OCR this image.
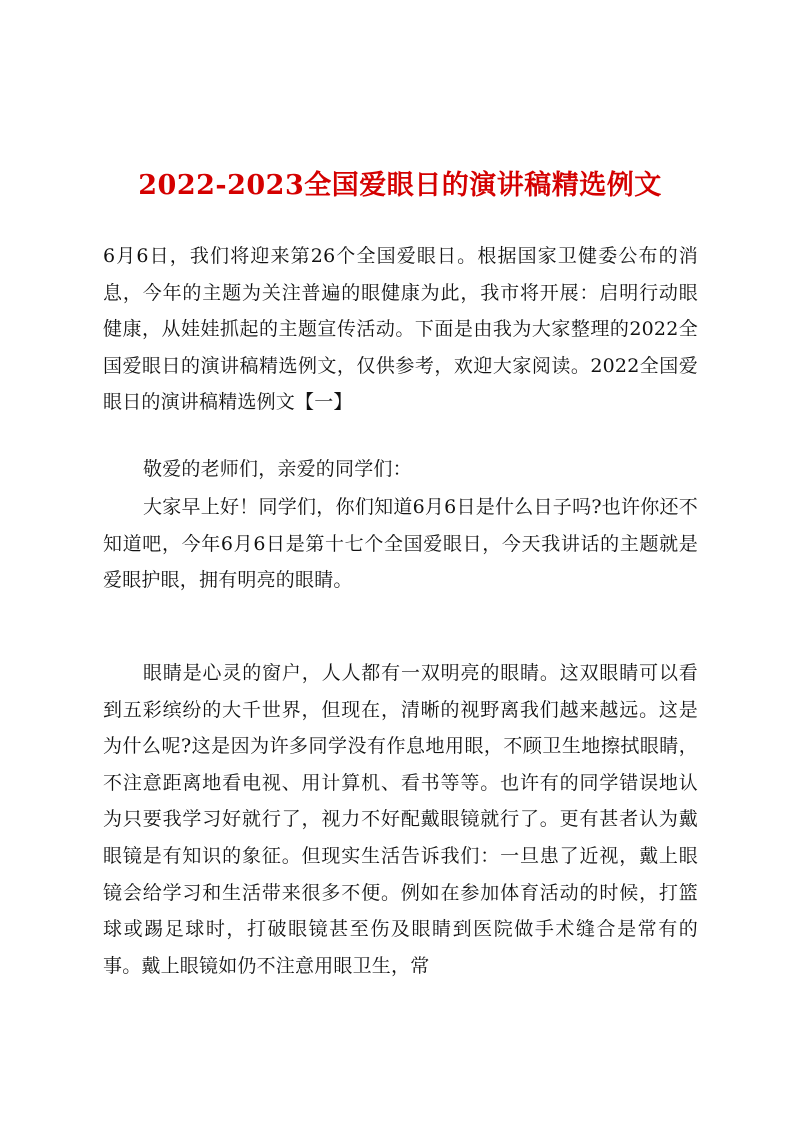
2022-2023全国爱眼日的演讲稿精选例文

6月6日，我们将迎来第26个全国爱眼日。根据国家卫健委公布的消息，今年的主题为关注普遍的眼健康为此，我市将开展：启明行动眼健康，从娃娃抓起的主题宣传活动。下面是由我为大家整理的2022全国爱眼日的演讲稿精选例文，仅供参考，欢迎大家阅读。2022全国爱眼日的演讲稿精选例文【一】

敬爱的老师们，亲爱的同学们：

大家早上好！同学们，你们知道6月6日是什么日子吗?也许你还不知道吧，今年6月6日是第十七个全国爱眼日，今天我讲话的主题就是爱眼护眼，拥有明亮的眼睛。

眼睛是心灵的窗户，人人都有一双明亮的眼睛。这双眼睛可以看到五彩缤纷的大千世界，但现在，清晰的视野离我们越来越远。这是为什么呢?这是因为许多同学没有作息地用眼，不顾卫生地擦拭眼睛，不注意距离地看电视、用计算机、看书等等。也许有的同学错误地认为只要我学习好就行了，视力不好配戴眼镜就行了。更有甚者认为戴眼镜是有知识的象征。但现实生活告诉我们：一旦患了近视，戴上眼镜会给学习和生活带来很多不便。例如在参加体育活动的时候，打篮球或踢足球时，打破眼镜甚至伤及眼睛到医院做手术缝合是常有的事。戴上眼镜如仍不注意用眼卫生，常
